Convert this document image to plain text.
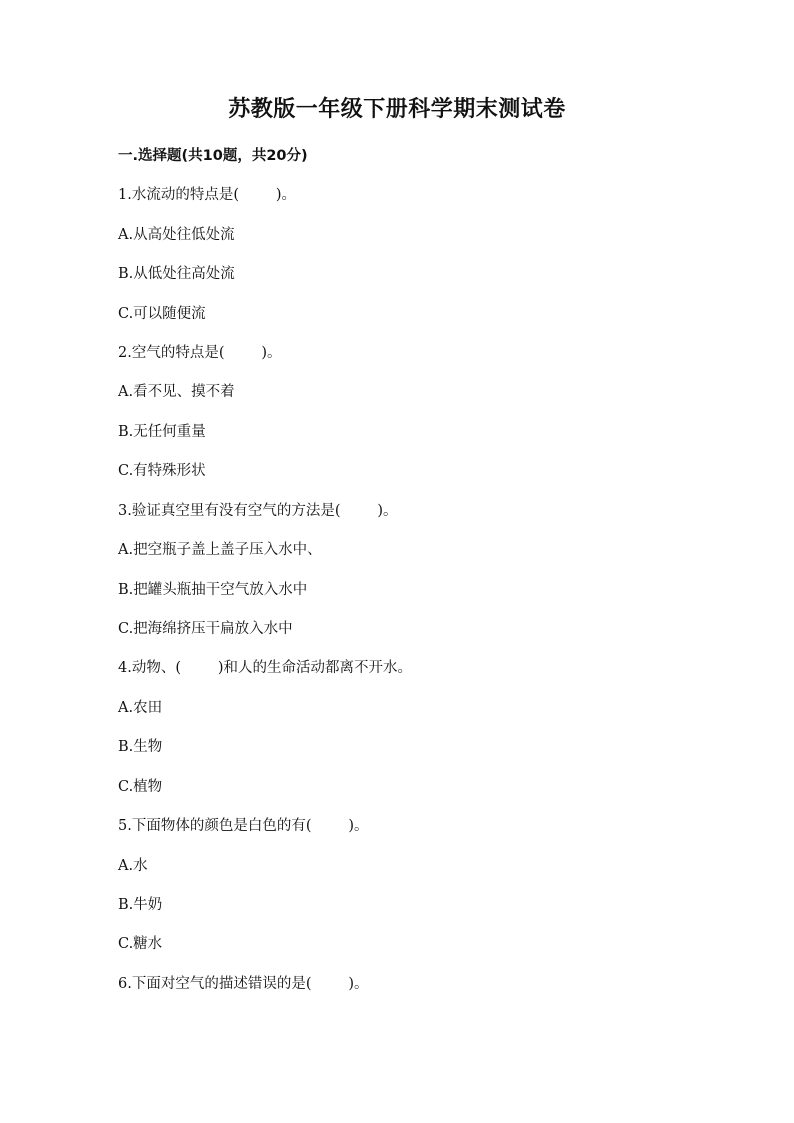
苏教版一年级下册科学期末测试卷
一.选择题(共10题，共20分)
1.水流动的特点是(        )。
A.从高处往低处流
B.从低处往高处流
C.可以随便流
2.空气的特点是(        )。
A.看不见、摸不着
B.无任何重量
C.有特殊形状
3.验证真空里有没有空气的方法是(        )。
A.把空瓶子盖上盖子压入水中、
B.把罐头瓶抽干空气放入水中
C.把海绵挤压干扁放入水中
4.动物、(        )和人的生命活动都离不开水。
A.农田
B.生物
C.植物
5.下面物体的颜色是白色的有(        )。
A.水
B.牛奶
C.糖水
6.下面对空气的描述错误的是(        )。
